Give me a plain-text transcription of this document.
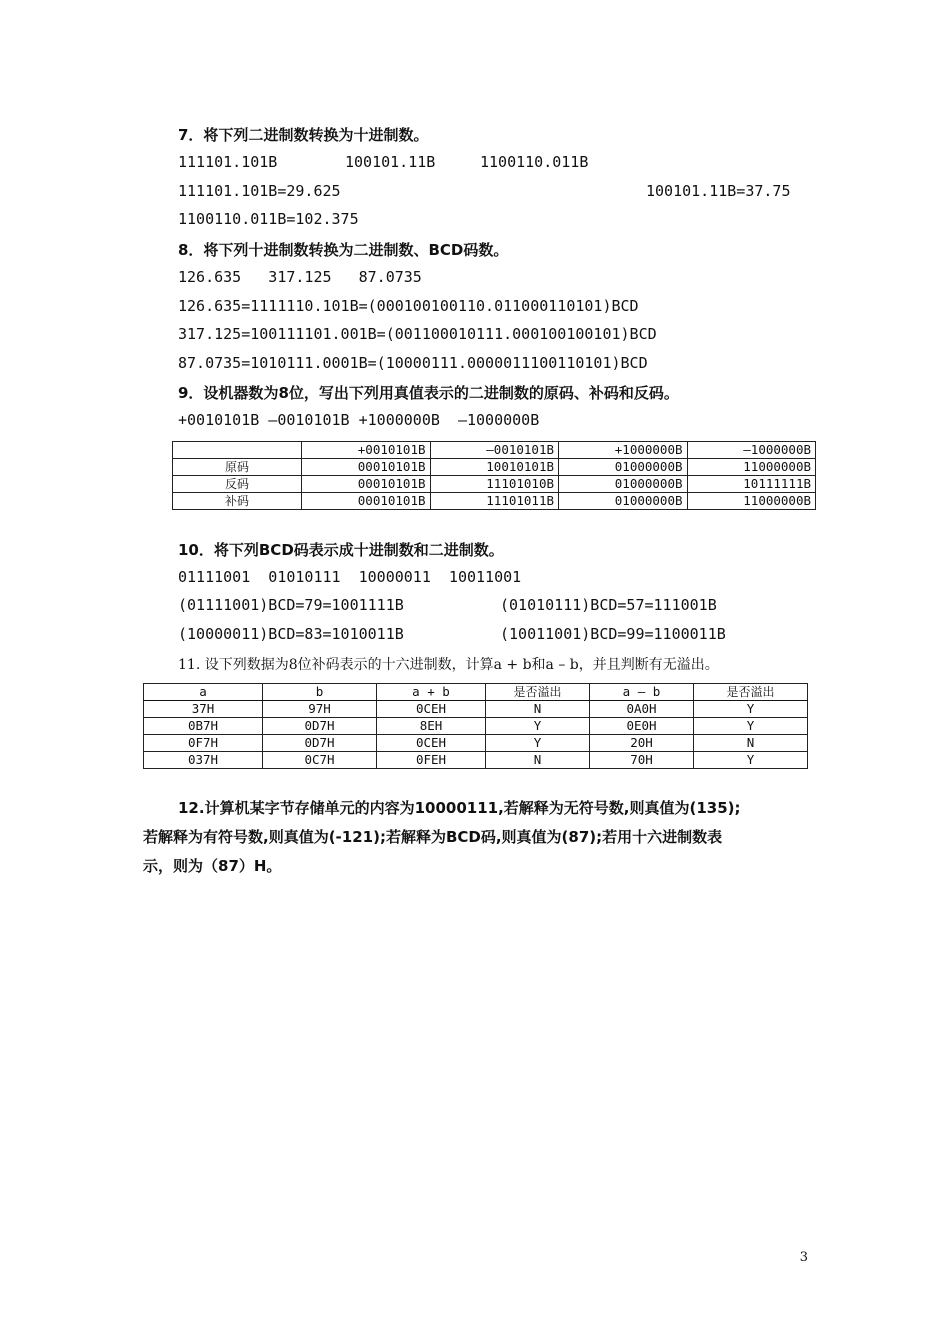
7．将下列二进制数转换为十进制数。
111101.101B	100101.11B	1100110.011B
111101.101B=29.625	100101.11B=37.75
1100110.011B=102.375
8．将下列十进制数转换为二进制数、BCD码数。
126.635   317.125   87.0735
126.635=1111110.101B=(000100100110.011000110101)BCD
317.125=100111101.001B=(001100010111.000100100101)BCD
87.0735=1010111.0001B=(10000111.0000011100110101)BCD
9．设机器数为8位，写出下列用真值表示的二进制数的原码、补码和反码。
+0010101B –0010101B +1000000B  –1000000B
	+0010101B	–0010101B	+1000000B	–1000000B
原码	00010101B	10010101B	01000000B	11000000B
反码	00010101B	11101010B	01000000B	10111111B
补码	00010101B	11101011B	01000000B	11000000B
10．将下列BCD码表示成十进制数和二进制数。
01111001  01010111  10000011  10011001
(01111001)BCD=79=1001111B	(01010111)BCD=57=111001B
(10000011)BCD=83=1010011B	(10011001)BCD=99=1100011B
11. 设下列数据为8位补码表示的十六进制数，计算a + b和a – b，并且判断有无溢出。
a	b	a + b	是否溢出	a – b	是否溢出
37H	97H	0CEH	N	0A0H	Y
0B7H	0D7H	8EH	Y	0E0H	Y
0F7H	0D7H	0CEH	Y	20H	N
037H	0C7H	0FEH	N	70H	Y
12.计算机某字节存储单元的内容为10000111,若解释为无符号数,则真值为(135);
若解释为有符号数,则真值为(-121);若解释为BCD码,则真值为(87);若用十六进制数表
示，则为（87）H。
3
